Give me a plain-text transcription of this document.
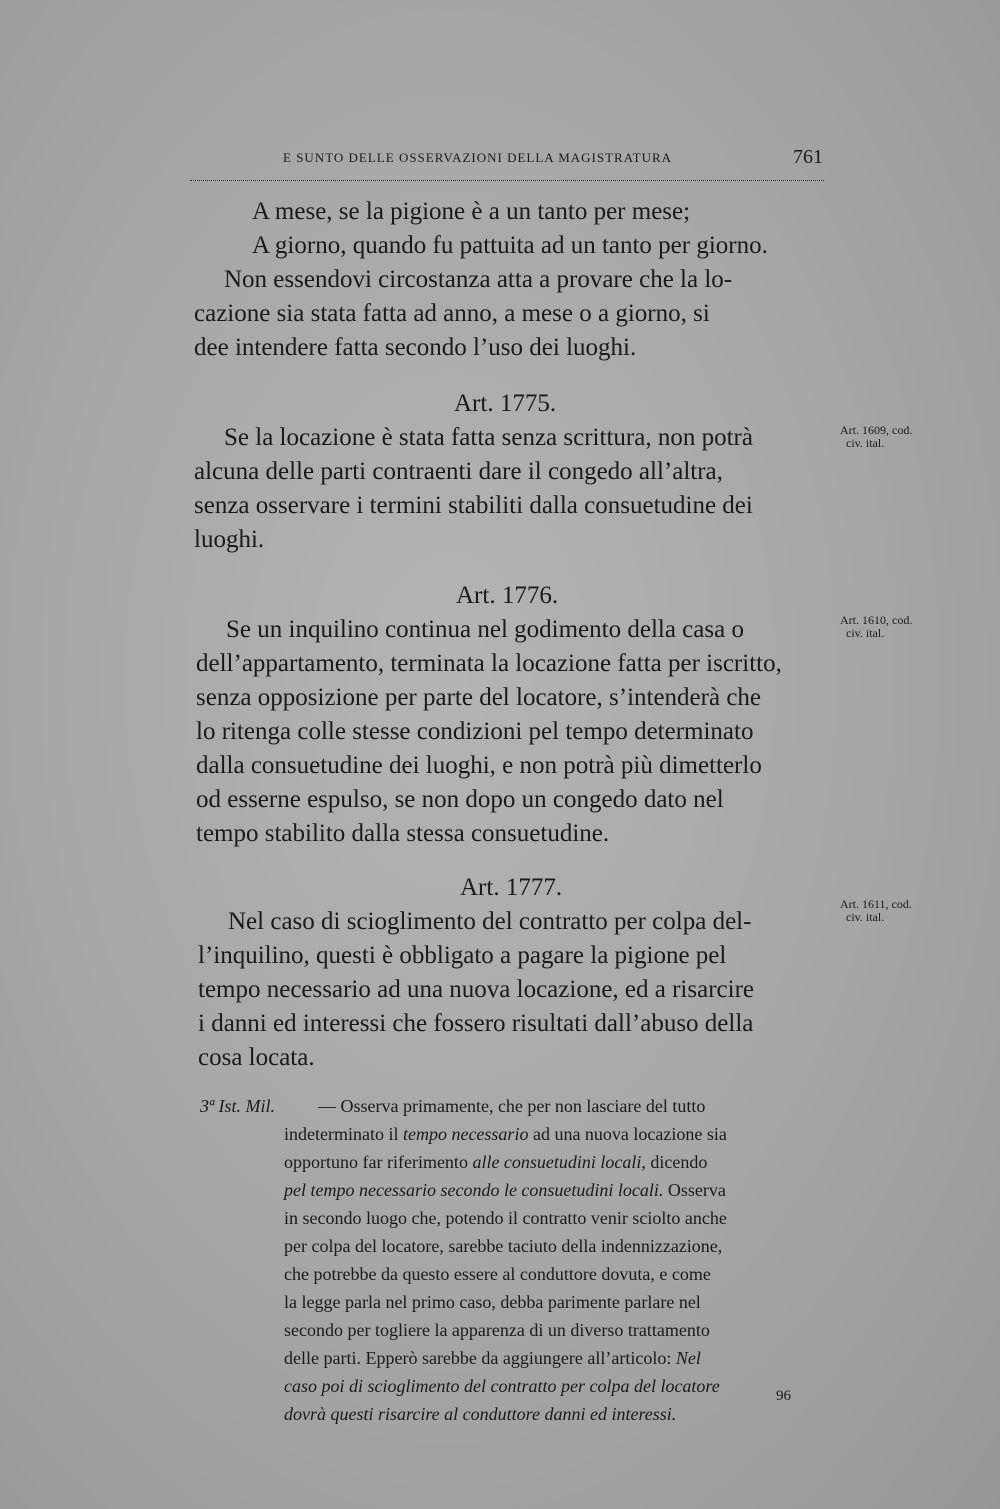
E SUNTO DELLE OSSERVAZIONI DELLA MAGISTRATURA	761
A mese, se la pigione è a un tanto per mese;
A giorno, quando fu pattuita ad un tanto per giorno.
Non essendovi circostanza atta a provare che la lo-
cazione sia stata fatta ad anno, a mese o a giorno, si
dee intendere fatta secondo l’uso dei luoghi.
Art. 1775.
Art. 1609, cod.
civ. ital.
Se la locazione è stata fatta senza scrittura, non potrà
alcuna delle parti contraenti dare il congedo all’altra,
senza osservare i termini stabiliti dalla consuetudine dei
luoghi.
Art. 1776.
Art. 1610, cod.
civ. ital.
Se un inquilino continua nel godimento della casa o
dell’appartamento, terminata la locazione fatta per iscritto,
senza opposizione per parte del locatore, s’intenderà che
lo ritenga colle stesse condizioni pel tempo determinato
dalla consuetudine dei luoghi, e non potrà più dimetterlo
od esserne espulso, se non dopo un congedo dato nel
tempo stabilito dalla stessa consuetudine.
Art. 1777.
Art. 1611, cod.
civ. ital.
Nel caso di scioglimento del contratto per colpa del-
l’inquilino, questi è obbligato a pagare la pigione pel
tempo necessario ad una nuova locazione, ed a risarcire
i danni ed interessi che fossero risultati dall’abuso della
cosa locata.
3ª Ist. Mil. — Osserva primamente, che per non lasciare del tutto
indeterminato il tempo necessario ad una nuova locazione sia
opportuno far riferimento alle consuetudini locali, dicendo
pel tempo necessario secondo le consuetudini locali. Osserva
in secondo luogo che, potendo il contratto venir sciolto anche
per colpa del locatore, sarebbe taciuto della indennizzazione,
che potrebbe da questo essere al conduttore dovuta, e come
la legge parla nel primo caso, debba parimente parlare nel
secondo per togliere la apparenza di un diverso trattamento
delle parti. Epperò sarebbe da aggiungere all’articolo: Nel
caso poi di scioglimento del contratto per colpa del locatore
dovrà questi risarcire al conduttore danni ed interessi.
96
